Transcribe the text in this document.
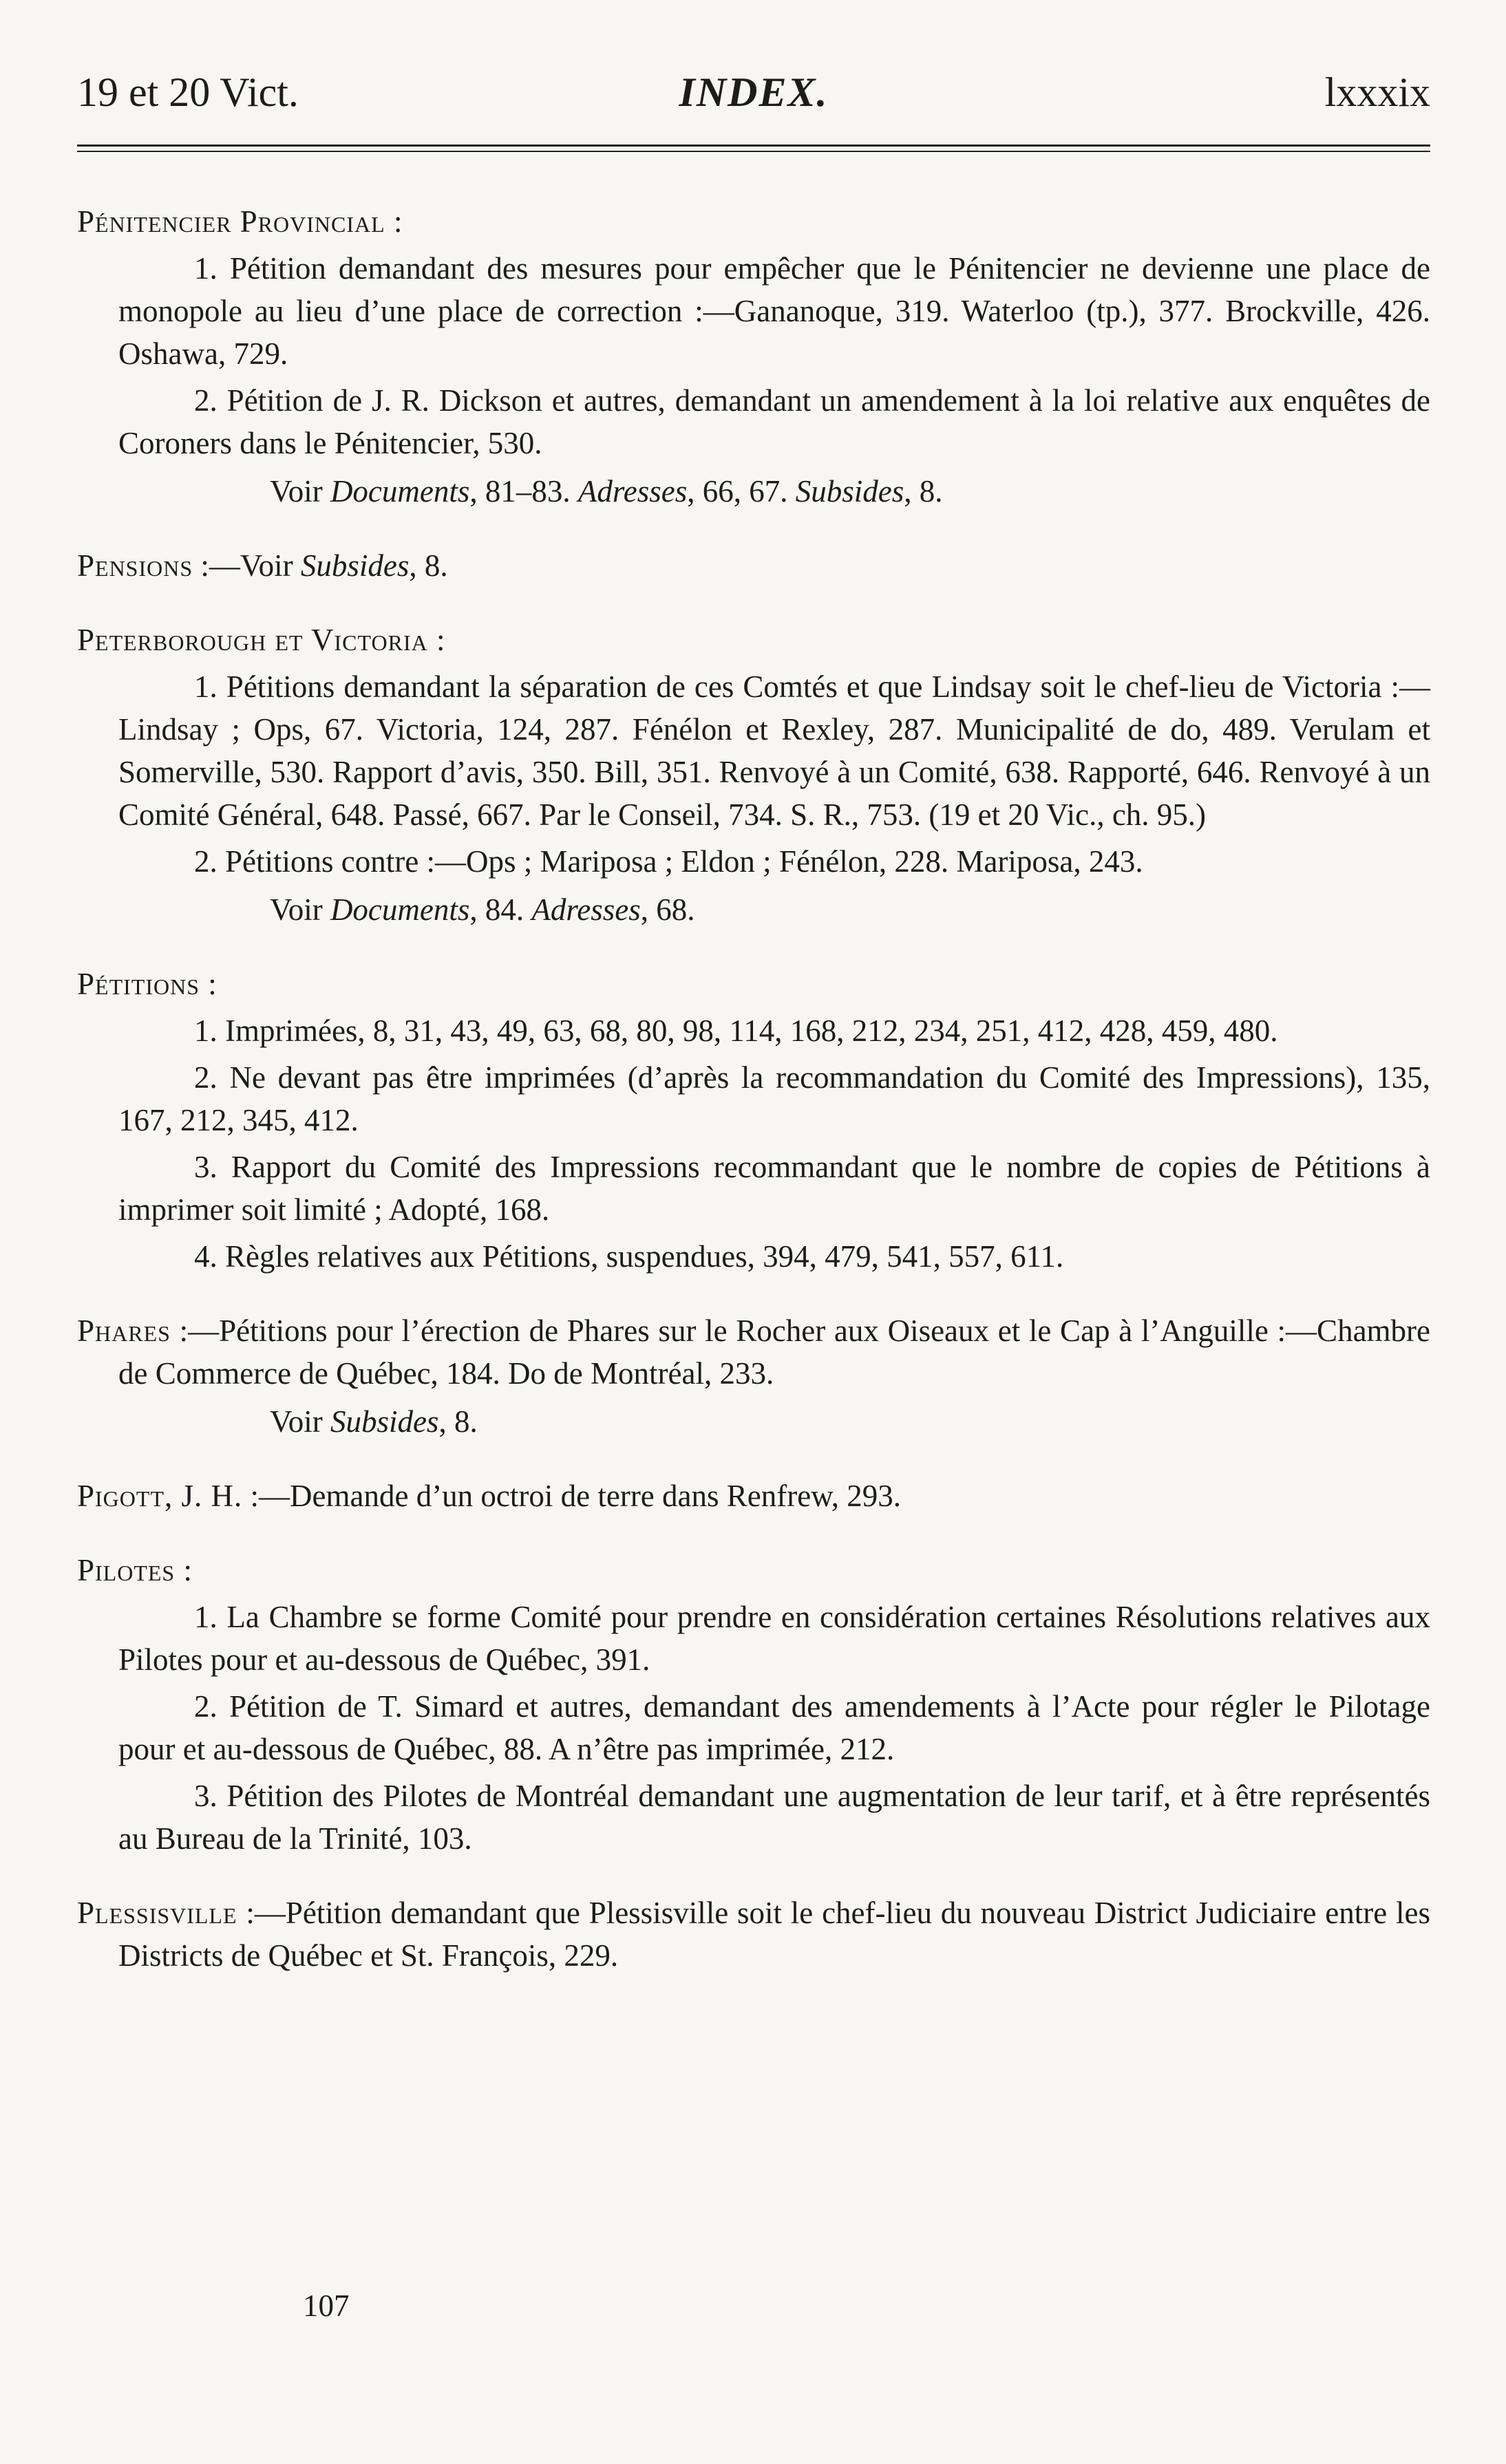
19 et 20 Vict.	INDEX.	lxxxix
Pénitencier Provincial :
1. Pétition demandant des mesures pour empêcher que le Pénitencier ne devienne une place de monopole au lieu d’une place de correction :—Gananoque, 319. Waterloo (tp.), 377. Brockville, 426. Oshawa, 729.
2. Pétition de J. R. Dickson et autres, demandant un amendement à la loi relative aux enquêtes de Coroners dans le Pénitencier, 530.
Voir Documents, 81–83. Adresses, 66, 67. Subsides, 8.
Pensions :—Voir Subsides, 8.
Peterborough et Victoria :
1. Pétitions demandant la séparation de ces Comtés et que Lindsay soit le chef-lieu de Victoria :—Lindsay ; Ops, 67. Victoria, 124, 287. Fénélon et Rexley, 287. Municipalité de do, 489. Verulam et Somerville, 530. Rapport d’avis, 350. Bill, 351. Renvoyé à un Comité, 638. Rapporté, 646. Renvoyé à un Comité Général, 648. Passé, 667. Par le Conseil, 734. S. R., 753. (19 et 20 Vic., ch. 95.)
2. Pétitions contre :—Ops ; Mariposa ; Eldon ; Fénélon, 228. Mariposa, 243.
Voir Documents, 84. Adresses, 68.
Pétitions :
1. Imprimées, 8, 31, 43, 49, 63, 68, 80, 98, 114, 168, 212, 234, 251, 412, 428, 459, 480.
2. Ne devant pas être imprimées (d’après la recommandation du Comité des Impressions), 135, 167, 212, 345, 412.
3. Rapport du Comité des Impressions recommandant que le nombre de copies de Pétitions à imprimer soit limité ; Adopté, 168.
4. Règles relatives aux Pétitions, suspendues, 394, 479, 541, 557, 611.
Phares :—Pétitions pour l’érection de Phares sur le Rocher aux Oiseaux et le Cap à l’Anguille :—Chambre de Commerce de Québec, 184. Do de Montréal, 233.
Voir Subsides, 8.
Pigott, J. H. :—Demande d’un octroi de terre dans Renfrew, 293.
Pilotes :
1. La Chambre se forme Comité pour prendre en considération certaines Résolutions relatives aux Pilotes pour et au-dessous de Québec, 391.
2. Pétition de T. Simard et autres, demandant des amendements à l’Acte pour régler le Pilotage pour et au-dessous de Québec, 88. A n’être pas imprimée, 212.
3. Pétition des Pilotes de Montréal demandant une augmentation de leur tarif, et à être représentés au Bureau de la Trinité, 103.
Plessisville :—Pétition demandant que Plessisville soit le chef-lieu du nouveau District Judiciaire entre les Districts de Québec et St. François, 229.
107
